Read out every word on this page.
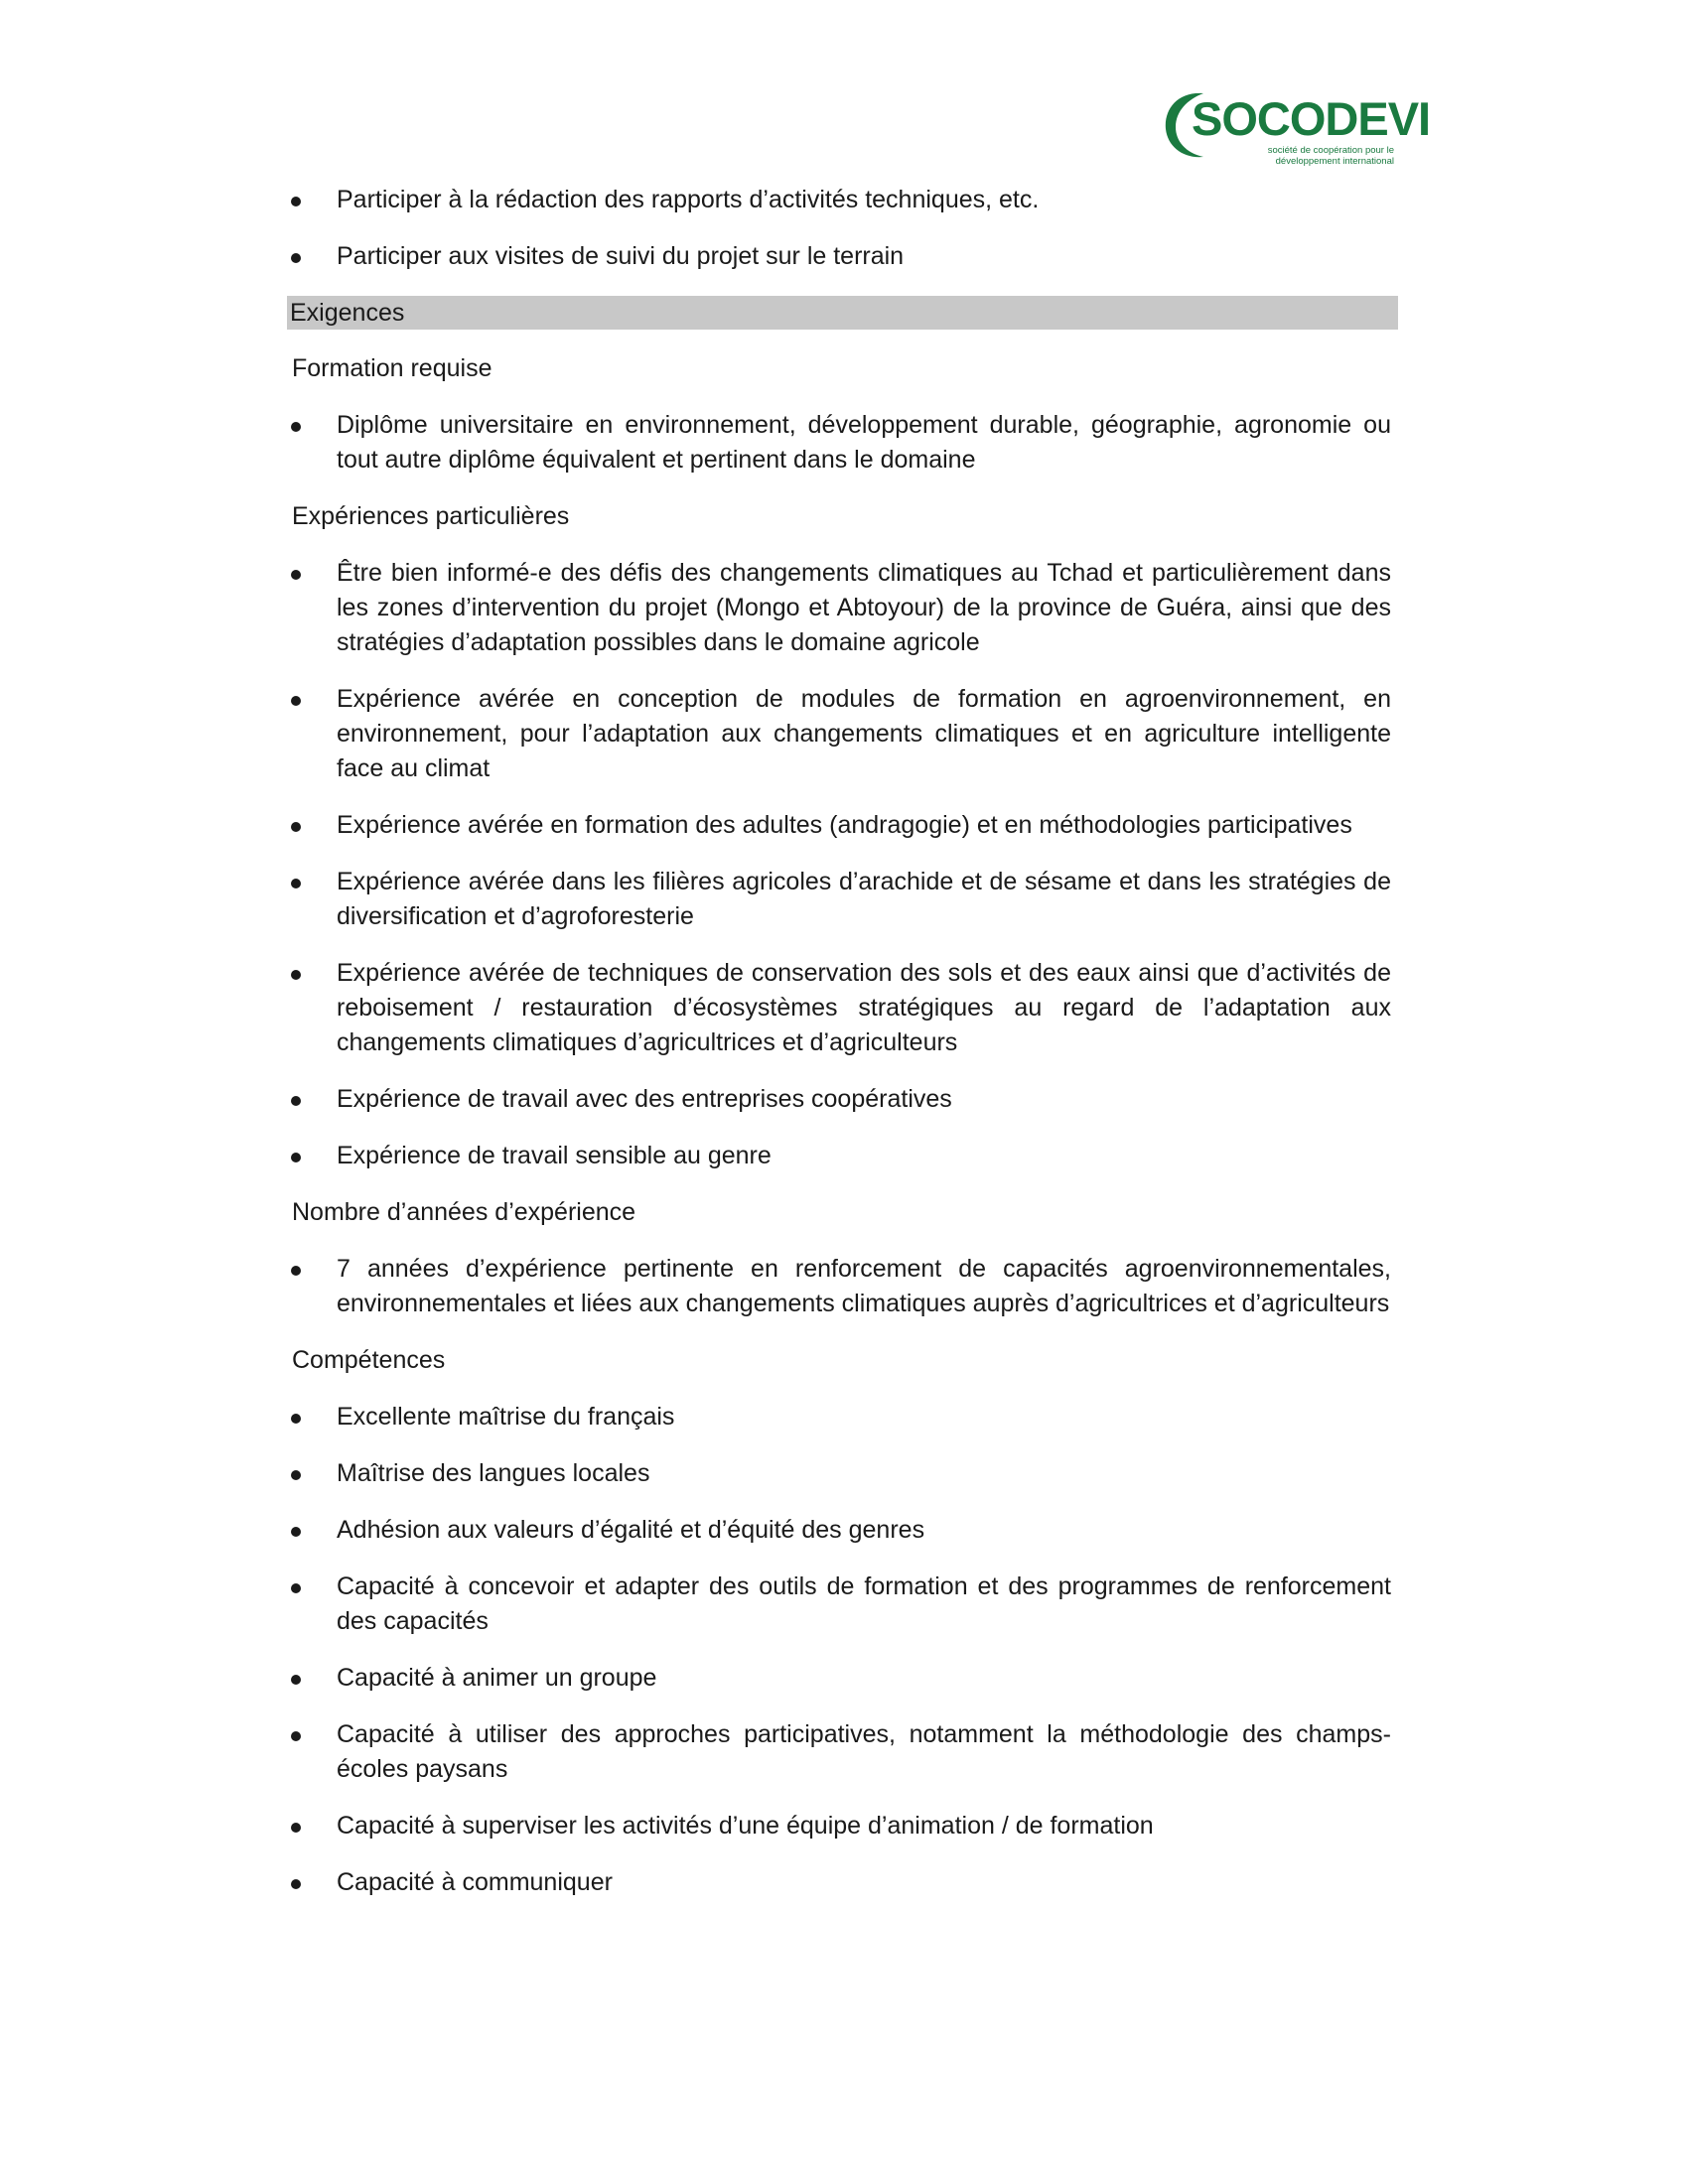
SOCODEVI
société de coopération pour le
développement international
Participer à la rédaction des rapports d’activités techniques, etc.
Participer aux visites de suivi du projet sur le terrain
Exigences
Formation requise
Diplôme universitaire en environnement, développement durable, géographie, agronomie ou tout autre diplôme équivalent et pertinent dans le domaine
Expériences particulières
Être bien informé-e des défis des changements climatiques au Tchad et particulièrement dans les zones d’intervention du projet (Mongo et Abtoyour) de la province de Guéra, ainsi que des stratégies d’adaptation possibles dans le domaine agricole
Expérience avérée en conception de modules de formation en agroenvironnement, en environnement, pour l’adaptation aux changements climatiques et en agriculture intelligente face au climat
Expérience avérée en formation des adultes (andragogie) et en méthodologies participatives
Expérience avérée dans les filières agricoles d’arachide et de sésame et dans les stratégies de diversification et d’agroforesterie
Expérience avérée de techniques de conservation des sols et des eaux ainsi que d’activités de reboisement / restauration d’écosystèmes stratégiques au regard de l’adaptation aux changements climatiques d’agricultrices et d’agriculteurs
Expérience de travail avec des entreprises coopératives
Expérience de travail sensible au genre
Nombre d’années d’expérience
7 années d’expérience pertinente en renforcement de capacités agroenvironnementales, environnementales et liées aux changements climatiques auprès d’agricultrices et d’agriculteurs
Compétences
Excellente maîtrise du français
Maîtrise des langues locales
Adhésion aux valeurs d’égalité et d’équité des genres
Capacité à concevoir et adapter des outils de formation et des programmes de renforcement des capacités
Capacité à animer un groupe
Capacité à utiliser des approches participatives, notamment la méthodologie des champs-écoles paysans
Capacité à superviser les activités d’une équipe d’animation / de formation
Capacité à communiquer
